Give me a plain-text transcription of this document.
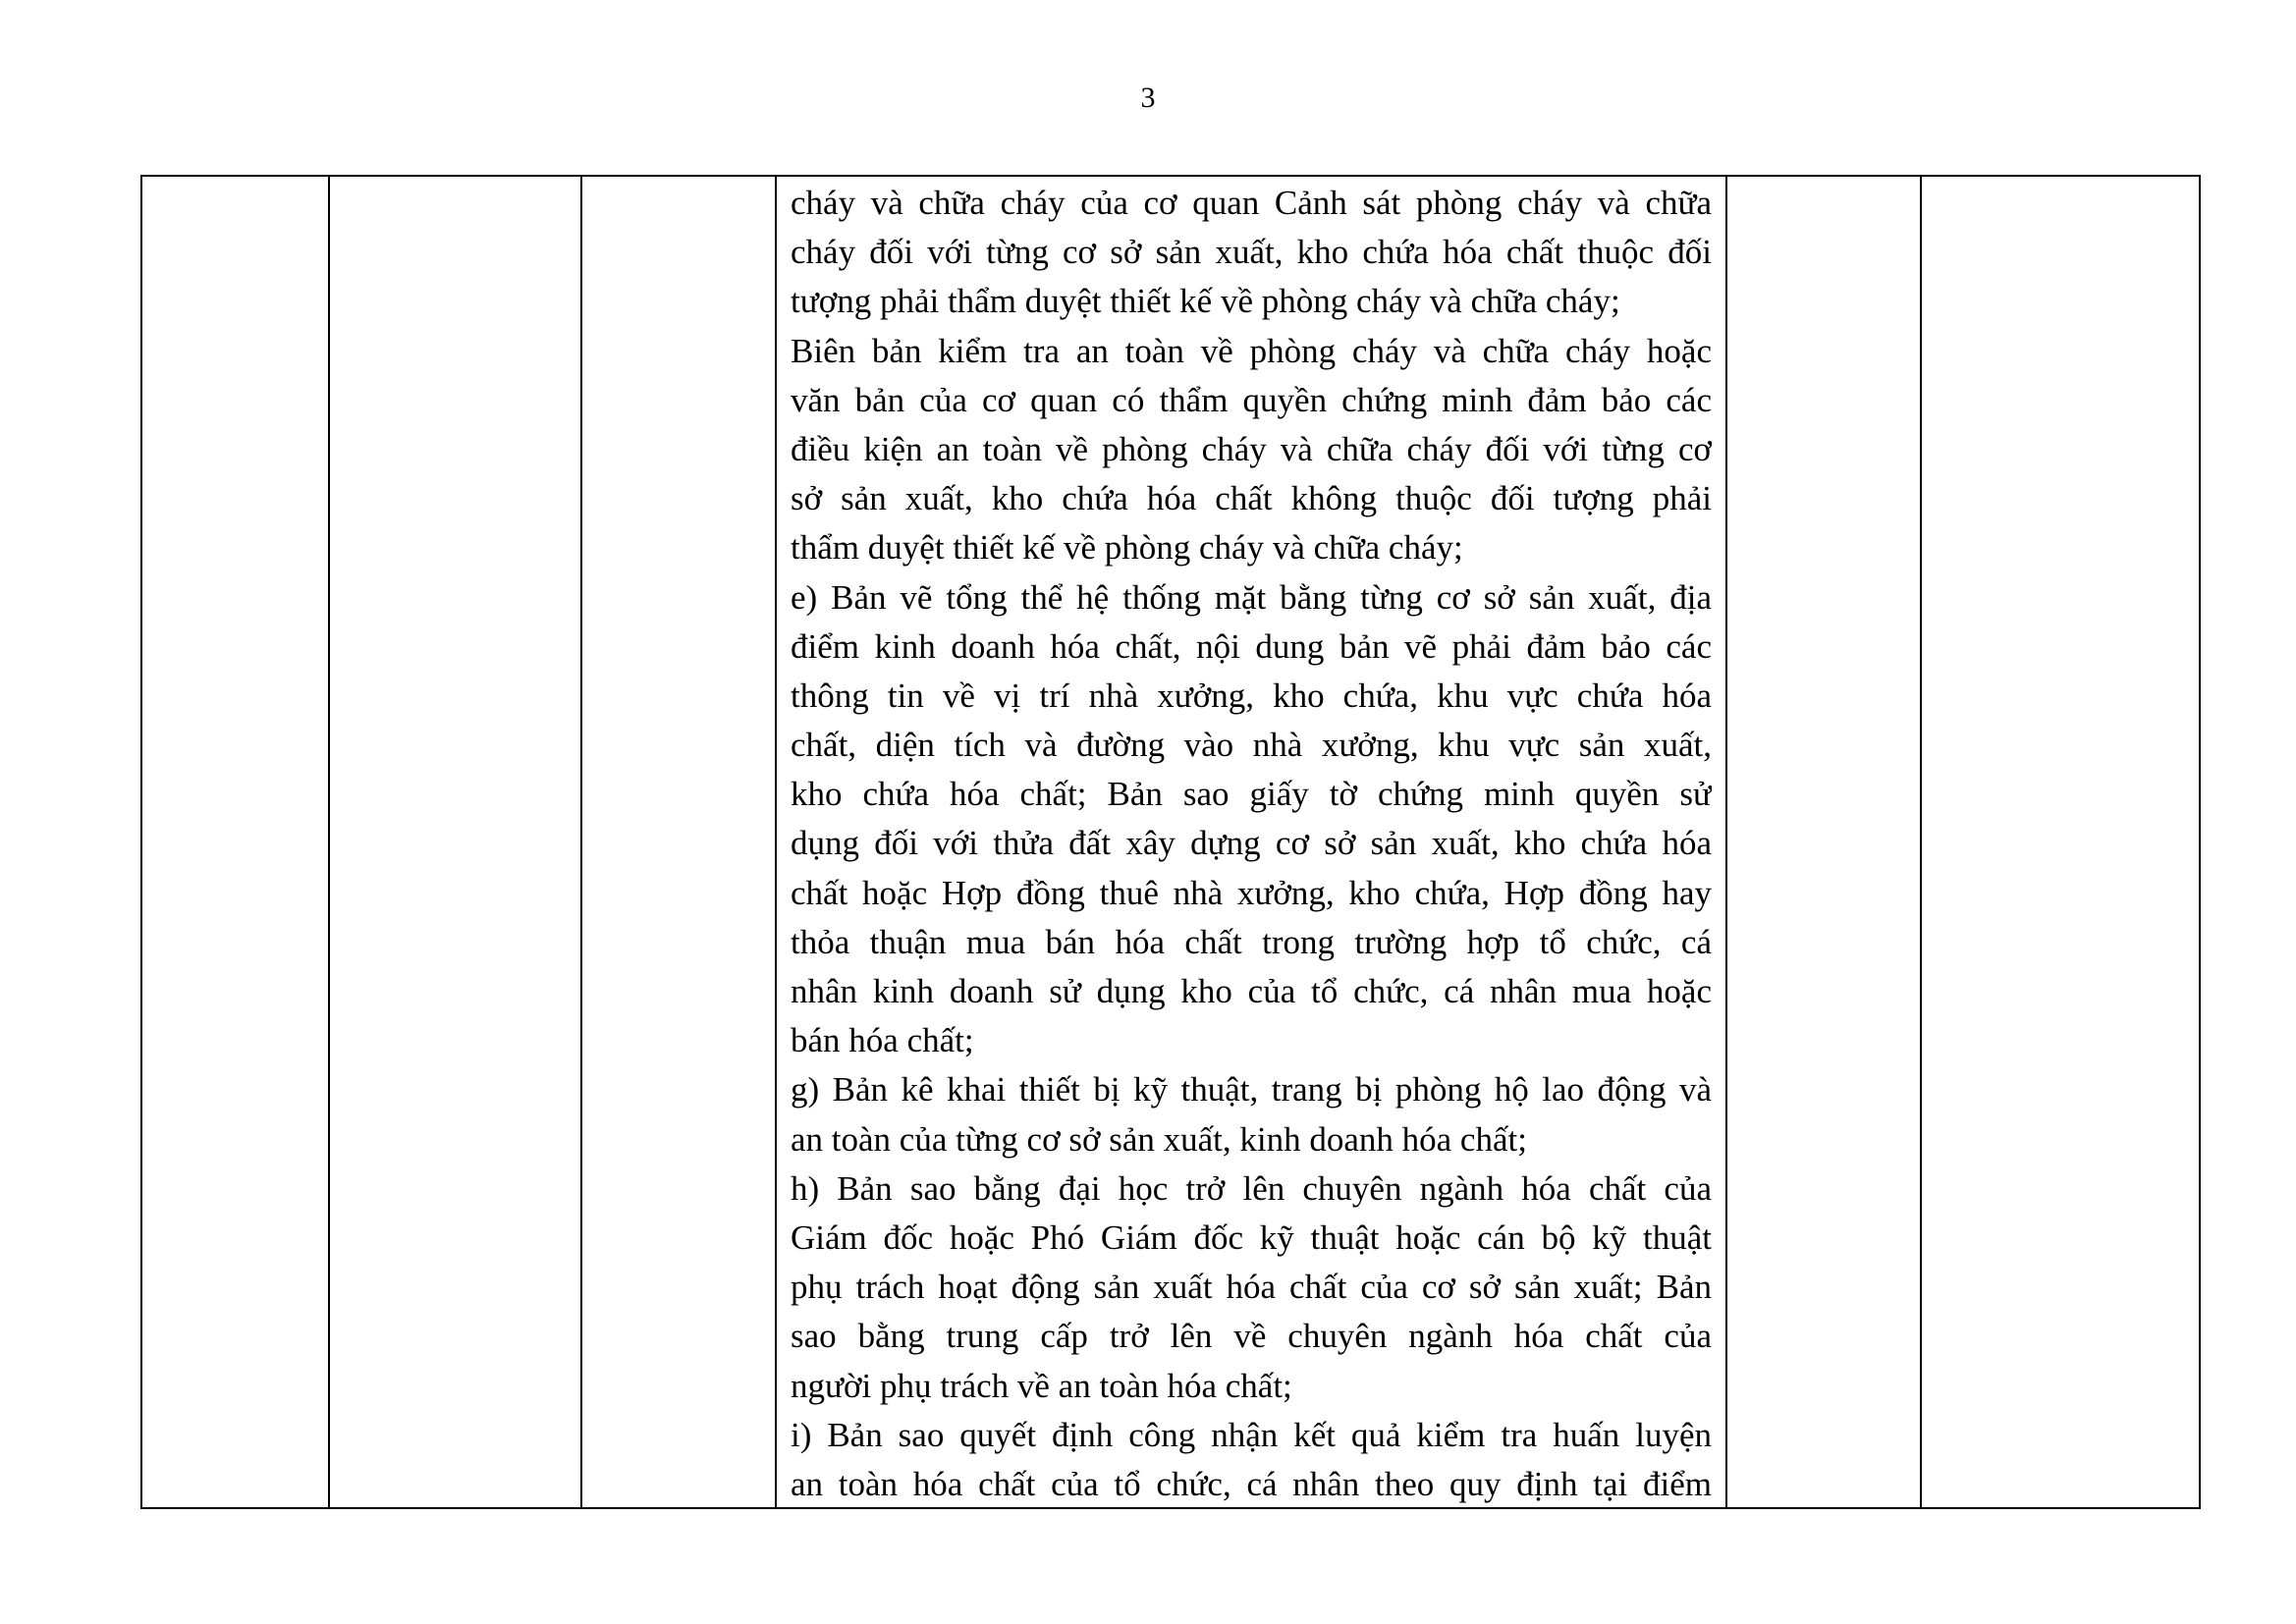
3

cháy và chữa cháy của cơ quan Cảnh sát phòng cháy và chữa
cháy đối với từng cơ sở sản xuất, kho chứa hóa chất thuộc đối
tượng phải thẩm duyệt thiết kế về phòng cháy và chữa cháy;
Biên bản kiểm tra an toàn về phòng cháy và chữa cháy hoặc
văn bản của cơ quan có thẩm quyền chứng minh đảm bảo các
điều kiện an toàn về phòng cháy và chữa cháy đối với từng cơ
sở sản xuất, kho chứa hóa chất không thuộc đối tượng phải
thẩm duyệt thiết kế về phòng cháy và chữa cháy;
e) Bản vẽ tổng thể hệ thống mặt bằng từng cơ sở sản xuất, địa
điểm kinh doanh hóa chất, nội dung bản vẽ phải đảm bảo các
thông tin về vị trí nhà xưởng, kho chứa, khu vực chứa hóa
chất, diện tích và đường vào nhà xưởng, khu vực sản xuất,
kho chứa hóa chất; Bản sao giấy tờ chứng minh quyền sử
dụng đối với thửa đất xây dựng cơ sở sản xuất, kho chứa hóa
chất hoặc Hợp đồng thuê nhà xưởng, kho chứa, Hợp đồng hay
thỏa thuận mua bán hóa chất trong trường hợp tổ chức, cá
nhân kinh doanh sử dụng kho của tổ chức, cá nhân mua hoặc
bán hóa chất;
g) Bản kê khai thiết bị kỹ thuật, trang bị phòng hộ lao động và
an toàn của từng cơ sở sản xuất, kinh doanh hóa chất;
h) Bản sao bằng đại học trở lên chuyên ngành hóa chất của
Giám đốc hoặc Phó Giám đốc kỹ thuật hoặc cán bộ kỹ thuật
phụ trách hoạt động sản xuất hóa chất của cơ sở sản xuất; Bản
sao bằng trung cấp trở lên về chuyên ngành hóa chất của
người phụ trách về an toàn hóa chất;
i) Bản sao quyết định công nhận kết quả kiểm tra huấn luyện
an toàn hóa chất của tổ chức, cá nhân theo quy định tại điểm
